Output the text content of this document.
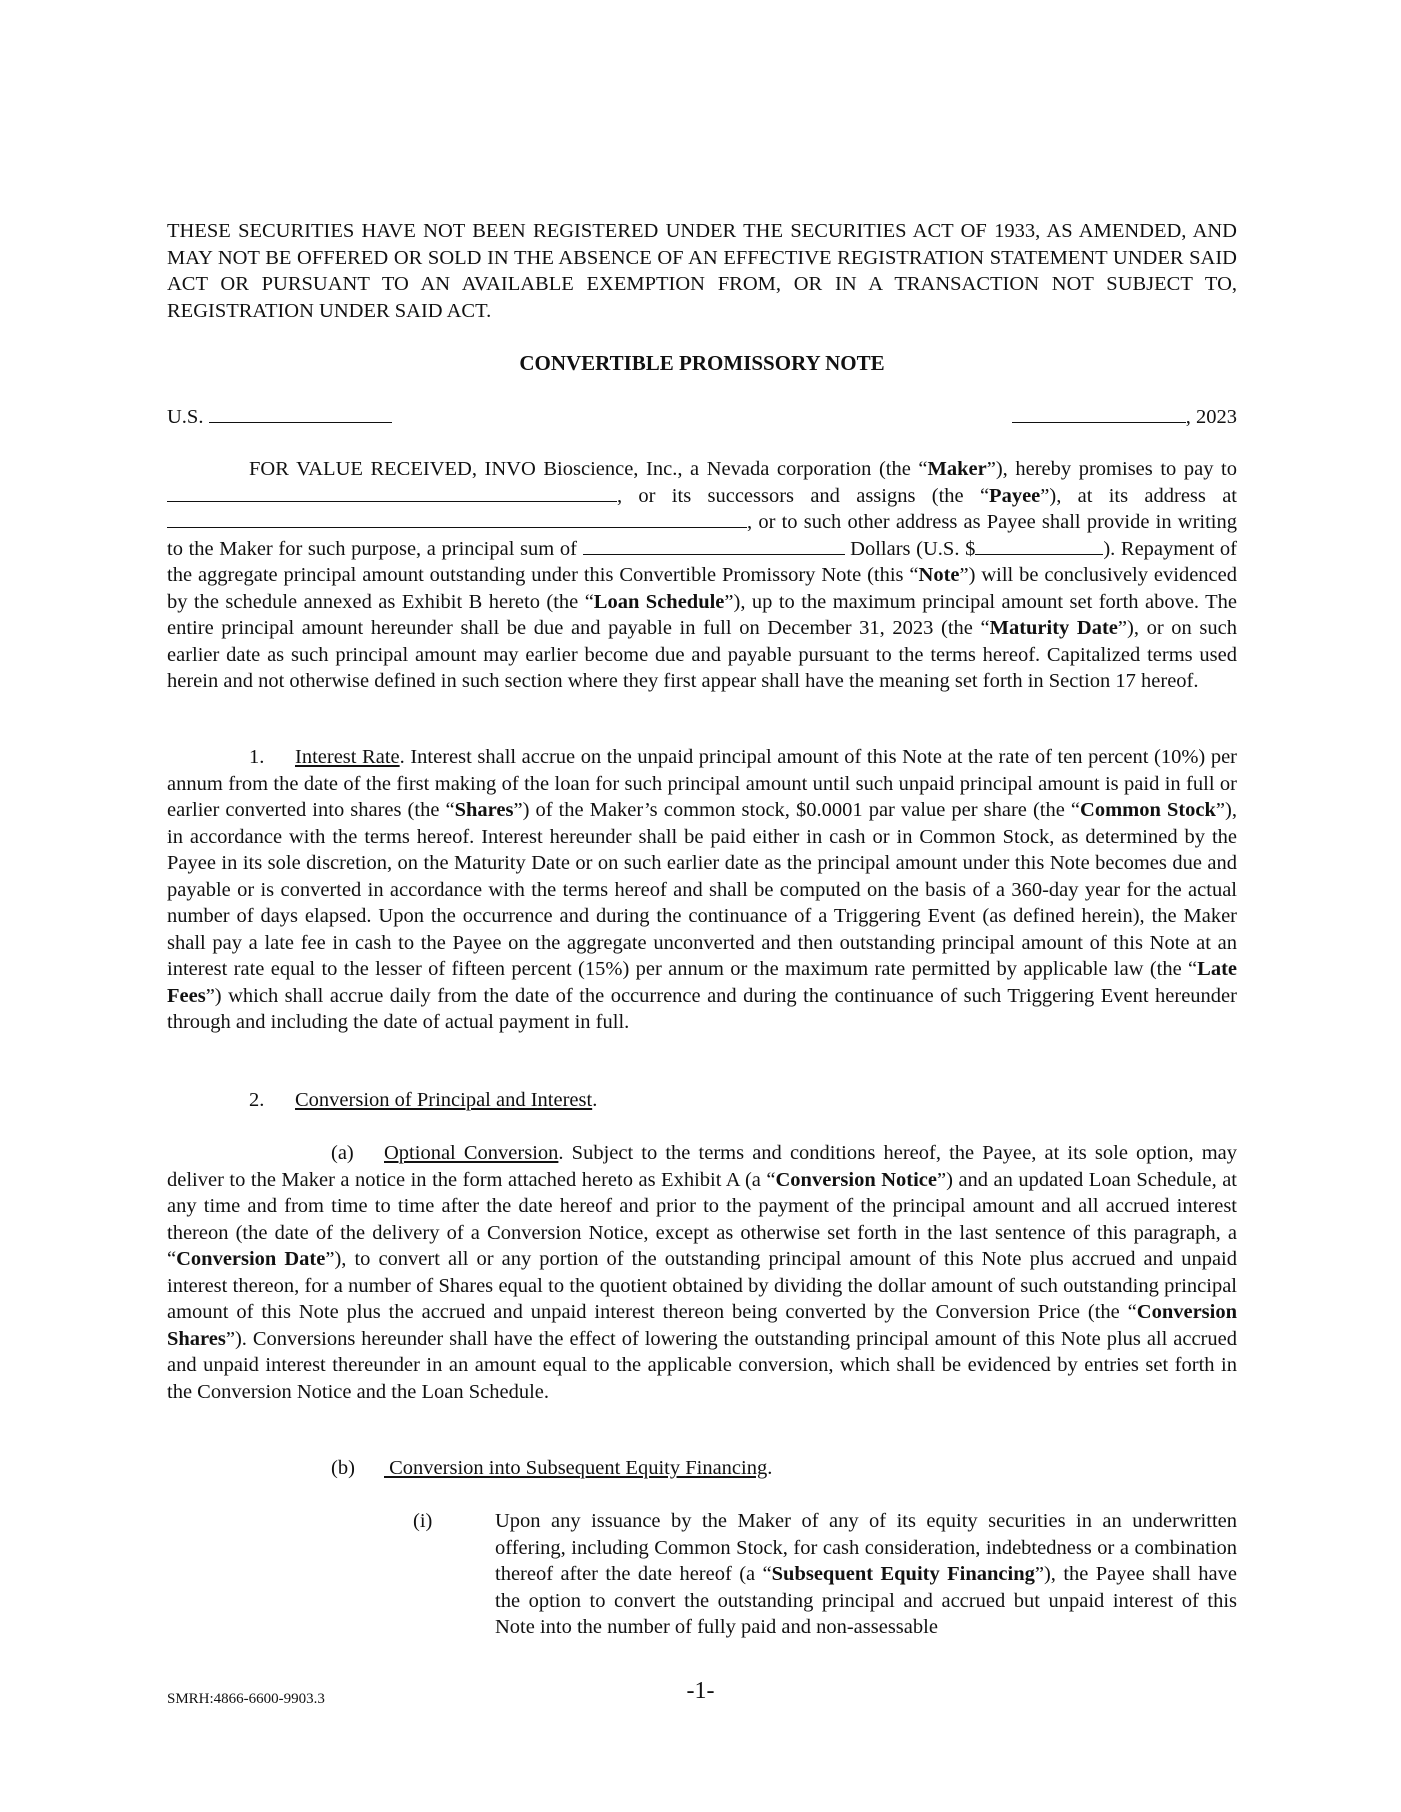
THESE SECURITIES HAVE NOT BEEN REGISTERED UNDER THE SECURITIES ACT OF 1933, AS AMENDED, AND MAY NOT BE OFFERED OR SOLD IN THE ABSENCE OF AN EFFECTIVE REGISTRATION STATEMENT UNDER SAID ACT OR PURSUANT TO AN AVAILABLE EXEMPTION FROM, OR IN A TRANSACTION NOT SUBJECT TO, REGISTRATION UNDER SAID ACT.
CONVERTIBLE PROMISSORY NOTE
U.S.	, 2023
FOR VALUE RECEIVED, INVO Bioscience, Inc., a Nevada corporation (the “Maker”), hereby promises to pay to , or its successors and assigns (the “Payee”), at its address at , or to such other address as Payee shall provide in writing to the Maker for such purpose, a principal sum of	Dollars (U.S. $	). Repayment of the aggregate principal amount outstanding under this Convertible Promissory Note (this “Note”) will be conclusively evidenced by the schedule annexed as Exhibit B hereto (the “Loan Schedule”), up to the maximum principal amount set forth above. The entire principal amount hereunder shall be due and payable in full on December 31, 2023 (the “Maturity Date”), or on such earlier date as such principal amount may earlier become due and payable pursuant to the terms hereof. Capitalized terms used herein and not otherwise defined in such section where they first appear shall have the meaning set forth in Section 17 hereof.
1. Interest Rate. Interest shall accrue on the unpaid principal amount of this Note at the rate of ten percent (10%) per annum from the date of the first making of the loan for such principal amount until such unpaid principal amount is paid in full or earlier converted into shares (the “Shares”) of the Maker’s common stock, $0.0001 par value per share (the “Common Stock”), in accordance with the terms hereof. Interest hereunder shall be paid either in cash or in Common Stock, as determined by the Payee in its sole discretion, on the Maturity Date or on such earlier date as the principal amount under this Note becomes due and payable or is converted in accordance with the terms hereof and shall be computed on the basis of a 360-day year for the actual number of days elapsed. Upon the occurrence and during the continuance of a Triggering Event (as defined herein), the Maker shall pay a late fee in cash to the Payee on the aggregate unconverted and then outstanding principal amount of this Note at an interest rate equal to the lesser of fifteen percent (15%) per annum or the maximum rate permitted by applicable law (the “Late Fees”) which shall accrue daily from the date of the occurrence and during the continuance of such Triggering Event hereunder through and including the date of actual payment in full.
2. Conversion of Principal and Interest.
(a) Optional Conversion. Subject to the terms and conditions hereof, the Payee, at its sole option, may deliver to the Maker a notice in the form attached hereto as Exhibit A (a “Conversion Notice”) and an updated Loan Schedule, at any time and from time to time after the date hereof and prior to the payment of the principal amount and all accrued interest thereon (the date of the delivery of a Conversion Notice, except as otherwise set forth in the last sentence of this paragraph, a “Conversion Date”), to convert all or any portion of the outstanding principal amount of this Note plus accrued and unpaid interest thereon, for a number of Shares equal to the quotient obtained by dividing the dollar amount of such outstanding principal amount of this Note plus the accrued and unpaid interest thereon being converted by the Conversion Price (the “Conversion Shares”). Conversions hereunder shall have the effect of lowering the outstanding principal amount of this Note plus all accrued and unpaid interest thereunder in an amount equal to the applicable conversion, which shall be evidenced by entries set forth in the Conversion Notice and the Loan Schedule.
(b) Conversion into Subsequent Equity Financing.
(i)	Upon any issuance by the Maker of any of its equity securities in an underwritten offering, including Common Stock, for cash consideration, indebtedness or a combination thereof after the date hereof (a “Subsequent Equity Financing”), the Payee shall have the option to convert the outstanding principal and accrued but unpaid interest of this Note into the number of fully paid and non-assessable
SMRH:4866-6600-9903.3	-1-
